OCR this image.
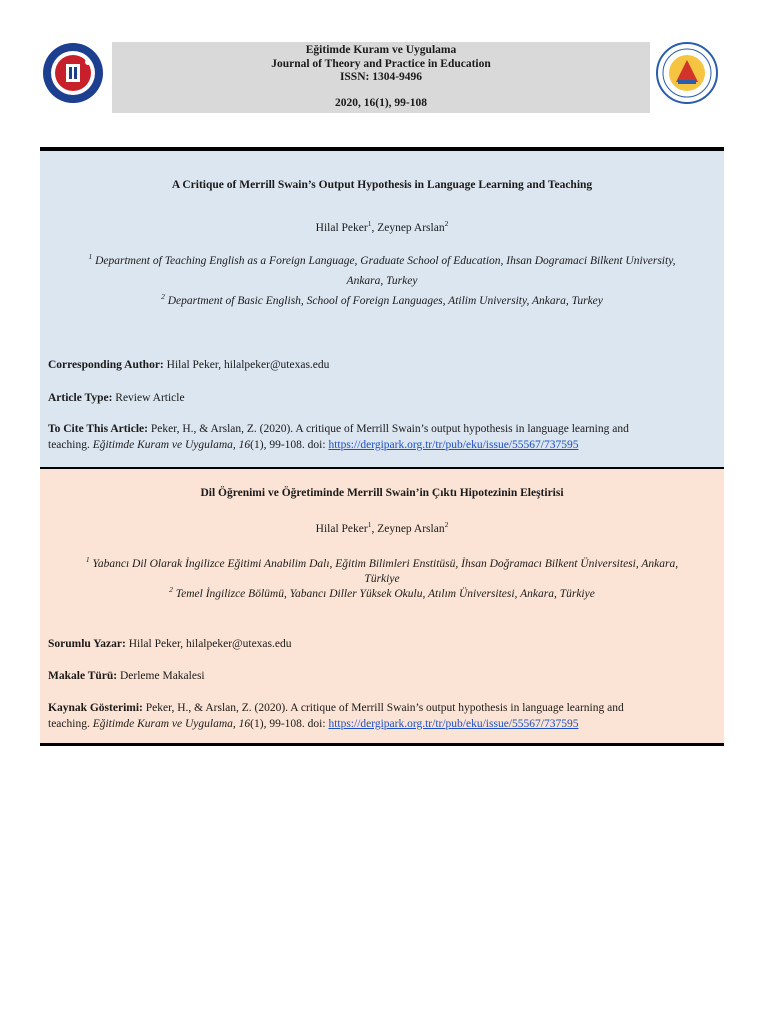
Eğitimde Kuram ve Uygulama
Journal of Theory and Practice in Education
ISSN: 1304-9496
2020, 16(1), 99-108
A Critique of Merrill Swain’s Output Hypothesis in Language Learning and Teaching
Hilal Peker$^1$, Zeynep Arslan$^2$
$^1$ Department of Teaching English as a Foreign Language, Graduate School of Education, Ihsan Dogramaci Bilkent University,
Ankara, Turkey
$^2$ Department of Basic English, School of Foreign Languages, Atilim University, Ankara, Turkey
Corresponding Author: Hilal Peker, hilalpeker@utexas.edu
Article Type: Review Article
To Cite This Article: Peker, H., & Arslan, Z. (2020). A critique of Merrill Swain’s output hypothesis in language learning and
teaching. Eğitimde Kuram ve Uygulama, 16(1), 99-108. doi: https://dergipark.org.tr/tr/pub/eku/issue/55567/737595
Dil Öğrenimi ve Öğretiminde Merrill Swain’in Çıktı Hipotezinin Eleştirisi
Hilal Peker$^1$, Zeynep Arslan$^2$
$^1$ Yabancı Dil Olarak İngilizce Eğitimi Anabilim Dalı, Eğitim Bilimleri Enstitüsü, İhsan Doğramacı Bilkent Üniversitesi, Ankara,
Türkiye
$^2$ Temel İngilizce Bölümü, Yabancı Diller Yüksek Okulu, Atılım Üniversitesi, Ankara, Türkiye
Sorumlu Yazar: Hilal Peker, hilalpeker@utexas.edu
Makale Türü: Derleme Makalesi
Kaynak Gösterimi: Peker, H., & Arslan, Z. (2020). A critique of Merrill Swain’s output hypothesis in language learning and
teaching. Eğitimde Kuram ve Uygulama, 16(1), 99-108. doi: https://dergipark.org.tr/tr/pub/eku/issue/55567/737595
